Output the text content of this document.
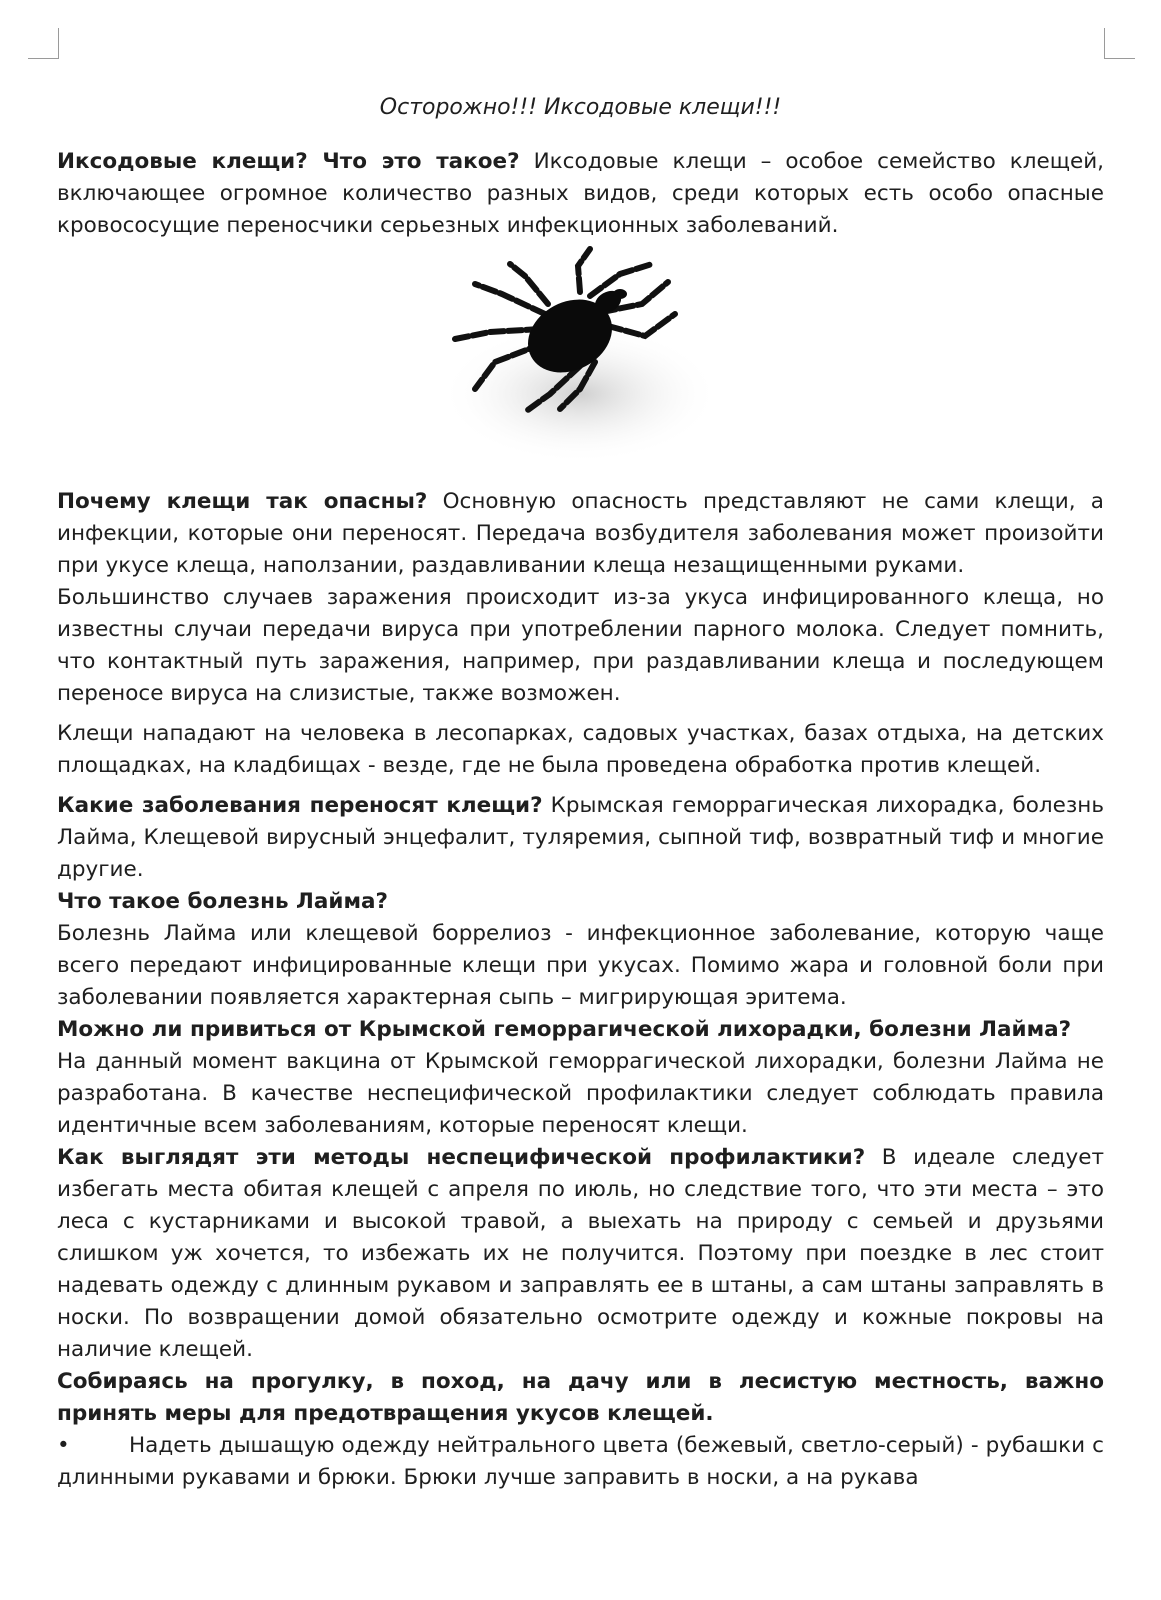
Осторожно!!! Иксодовые клещи!!!

Иксодовые клещи? Что это такое? Иксодовые клещи – особое семейство клещей, включающее огромное количество разных видов, среди которых есть особо опасные кровососущие переносчики серьезных инфекционных заболеваний.

Почему клещи так опасны? Основную опасность представляют не сами клещи, а инфекции, которые они переносят. Передача возбудителя заболевания может произойти при укусе клеща, наползании, раздавливании клеща незащищенными руками.

Большинство случаев заражения происходит из-за укуса инфицированного клеща, но известны случаи передачи вируса при употреблении парного молока. Следует помнить, что контактный путь заражения, например, при раздавливании клеща и последующем переносе вируса на слизистые, также возможен.

Клещи нападают на человека в лесопарках, садовых участках, базах отдыха, на детских площадках, на кладбищах - везде, где не была проведена обработка против клещей.

Какие заболевания переносят клещи? Крымская геморрагическая лихорадка, болезнь Лайма, Клещевой вирусный энцефалит, туляремия, сыпной тиф, возвратный тиф и многие другие.

Что такое болезнь Лайма?

Болезнь Лайма или клещевой боррелиоз - инфекционное заболевание, которую чаще всего передают инфицированные клещи при укусах. Помимо жара и головной боли при заболевании появляется характерная сыпь – мигрирующая эритема.

Можно ли привиться от Крымской геморрагической лихорадки, болезни Лайма?

На данный момент вакцина от Крымской геморрагической лихорадки, болезни Лайма не разработана. В качестве неспецифической профилактики следует соблюдать правила идентичные всем заболеваниям, которые переносят клещи.

Как выглядят эти методы неспецифической профилактики? В идеале следует избегать места обитая клещей с апреля по июль, но следствие того, что эти места – это леса с кустарниками и высокой травой, а выехать на природу с семьей и друзьями слишком уж хочется, то избежать их не получится. Поэтому при поездке в лес стоит надевать одежду с длинным рукавом и заправлять ее в штаны, а сам штаны заправлять в носки. По возвращении домой обязательно осмотрите одежду и кожные покровы на наличие клещей.

Собираясь на прогулку, в поход, на дачу или в лесистую местность, важно принять меры для предотвращения укусов клещей.

•	Надеть дышащую одежду нейтрального цвета (бежевый, светло-серый) - рубашки с длинными рукавами и брюки. Брюки лучше заправить в носки, а на рукава
